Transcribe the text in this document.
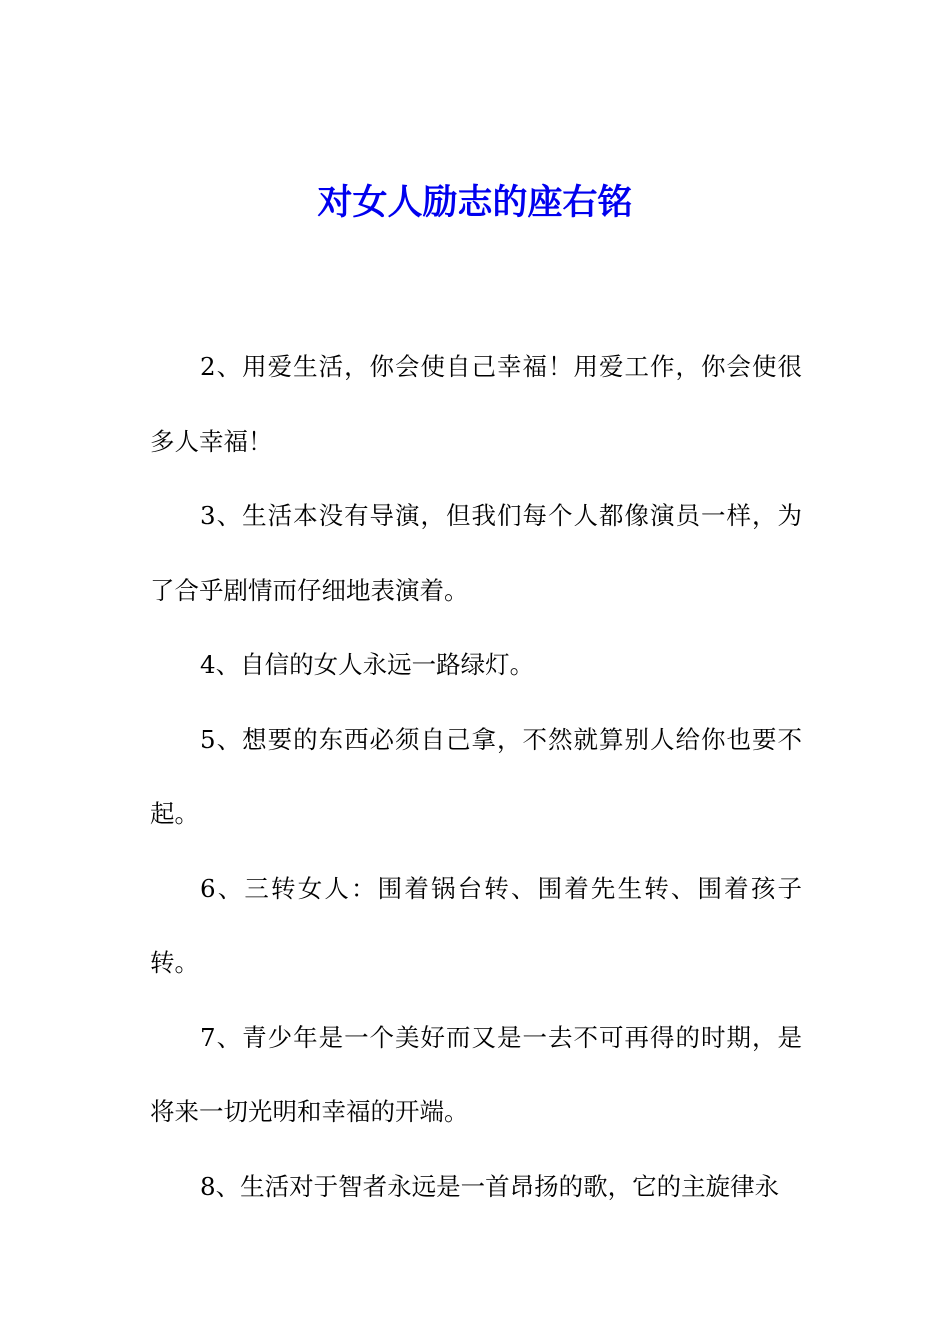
对女人励志的座右铭

2、用爱生活，你会使自己幸福！用爱工作，你会使很多人幸福！

3、生活本没有导演，但我们每个人都像演员一样，为了合乎剧情而仔细地表演着。

4、自信的女人永远一路绿灯。

5、想要的东西必须自己拿，不然就算别人给你也要不起。

6、三转女人：围着锅台转、围着先生转、围着孩子转。

7、青少年是一个美好而又是一去不可再得的时期，是将来一切光明和幸福的开端。

8、生活对于智者永远是一首昂扬的歌，它的主旋律永
